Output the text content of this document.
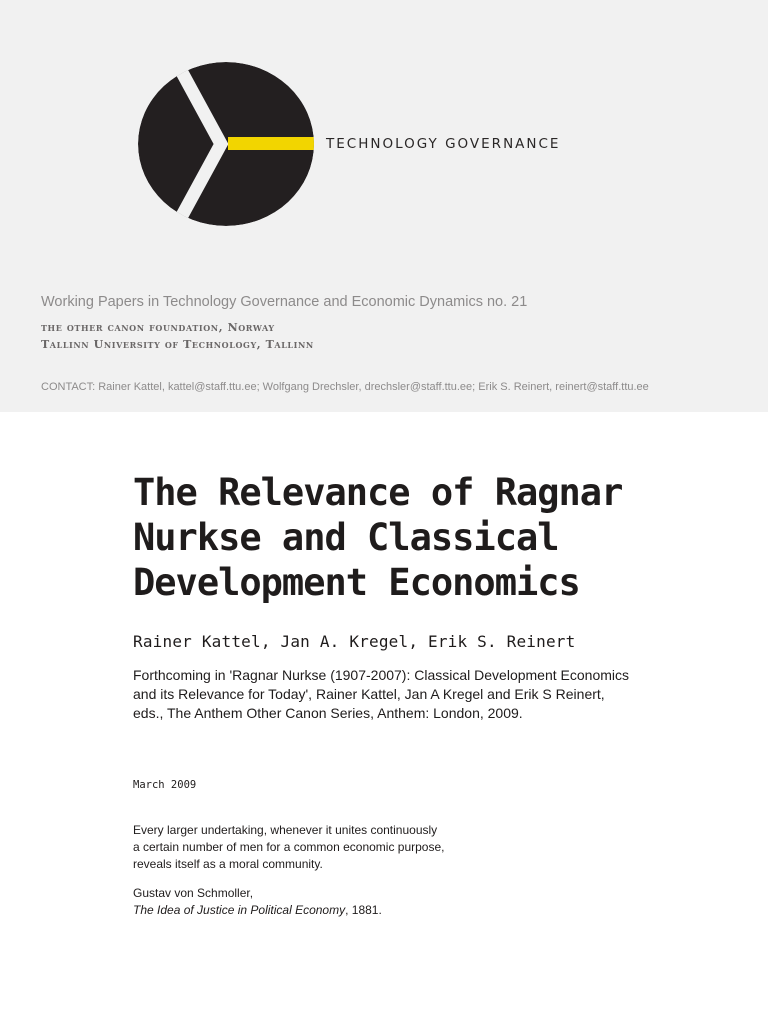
TECHNOLOGY GOVERNANCE
Working Papers in Technology Governance and Economic Dynamics no. 21
the other canon foundation, Norway
Tallinn University of Technology, Tallinn
CONTACT: Rainer Kattel, kattel@staff.ttu.ee; Wolfgang Drechsler, drechsler@staff.ttu.ee; Erik S. Reinert, reinert@staff.ttu.ee
The Relevance of Ragnar
Nurkse and Classical
Development Economics
Rainer Kattel, Jan A. Kregel, Erik S. Reinert

Forthcoming in 'Ragnar Nurkse (1907-2007): Classical Development Economics and its Relevance for Today', Rainer Kattel, Jan A Kregel and Erik S Reinert, eds., The Anthem Other Canon Series, Anthem: London, 2009.

March 2009

Every larger undertaking, whenever it unites continuously

a certain number of men for a common economic purpose,

reveals itself as a moral community.

Gustav von Schmoller,
The Idea of Justice in Political Economy, 1881.
